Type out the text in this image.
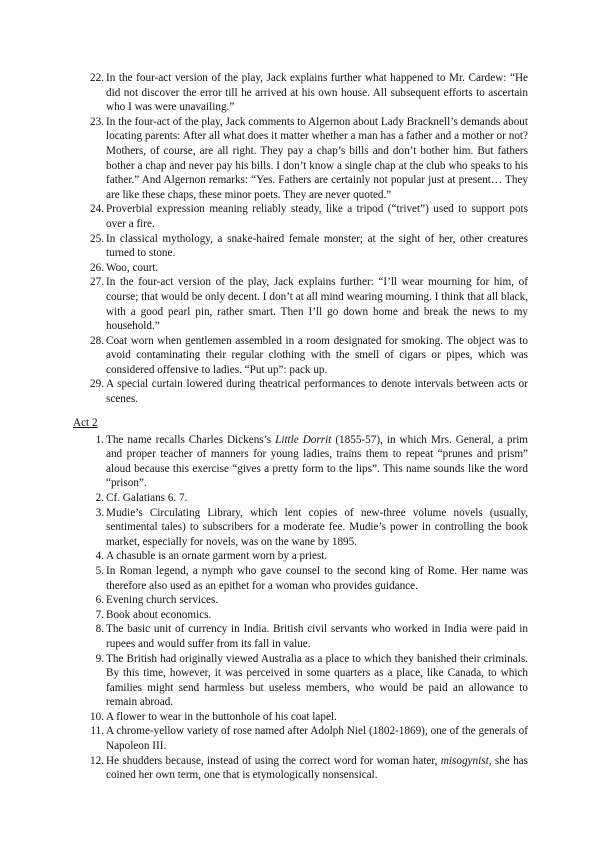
22. In the four-act version of the play, Jack explains further what happened to Mr. Cardew: “He did not discover the error till he arrived at his own house. All subsequent efforts to ascertain who I was were unavailing.”
23. In the four-act of the play, Jack comments to Algernon about Lady Bracknell’s demands about locating parents: After all what does it matter whether a man has a father and a mother or not? Mothers, of course, are all right. They pay a chap’s bills and don’t bother him. But fathers bother a chap and never pay his bills. I don’t know a single chap at the club who speaks to his father.” And Algernon remarks: “Yes. Fathers are certainly not popular just at present… They are like these chaps, these minor poets. They are never quoted.”
24. Proverbial expression meaning reliably steady, like a tripod (“trivet”) used to support pots over a fire.
25. In classical mythology, a snake-haired female monster; at the sight of her, other creatures turned to stone.
26. Woo, court.
27. In the four-act version of the play, Jack explains further: “I’ll wear mourning for him, of course; that would be only decent. I don’t at all mind wearing mourning. I think that all black, with a good pearl pin, rather smart. Then I’ll go down home and break the news to my household.”
28. Coat worn when gentlemen assembled in a room designated for smoking. The object was to avoid contaminating their regular clothing with the smell of cigars or pipes, which was considered offensive to ladies. “Put up”: pack up.
29. A special curtain lowered during theatrical performances to denote intervals between acts or scenes.
Act 2
1. The name recalls Charles Dickens’s Little Dorrit (1855-57), in which Mrs. General, a prim and proper teacher of manners for young ladies, trains them to repeat “prunes and prism” aloud because this exercise “gives a pretty form to the lips”. This name sounds like the word “prison”.
2. Cf. Galatians 6. 7.
3. Mudie’s Circulating Library, which lent copies of new-three volume novels (usually, sentimental tales) to subscribers for a moderate fee. Mudie’s power in controlling the book market, especially for novels, was on the wane by 1895.
4. A chasuble is an ornate garment worn by a priest.
5. In Roman legend, a nymph who gave counsel to the second king of Rome. Her name was therefore also used as an epithet for a woman who provides guidance.
6. Evening church services.
7. Book about economics.
8. The basic unit of currency in India. British civil servants who worked in India were paid in rupees and would suffer from its fall in value.
9. The British had originally viewed Australia as a place to which they banished their criminals. By this time, however, it was perceived in some quarters as a place, like Canada, to which families might send harmless but useless members, who would be paid an allowance to remain abroad.
10. A flower to wear in the buttonhole of his coat lapel.
11. A chrome-yellow variety of rose named after Adolph Niel (1802-1869), one of the generals of Napoleon III.
12. He shudders because, instead of using the correct word for woman hater, misogynist, she has coined her own term, one that is etymologically nonsensical.
